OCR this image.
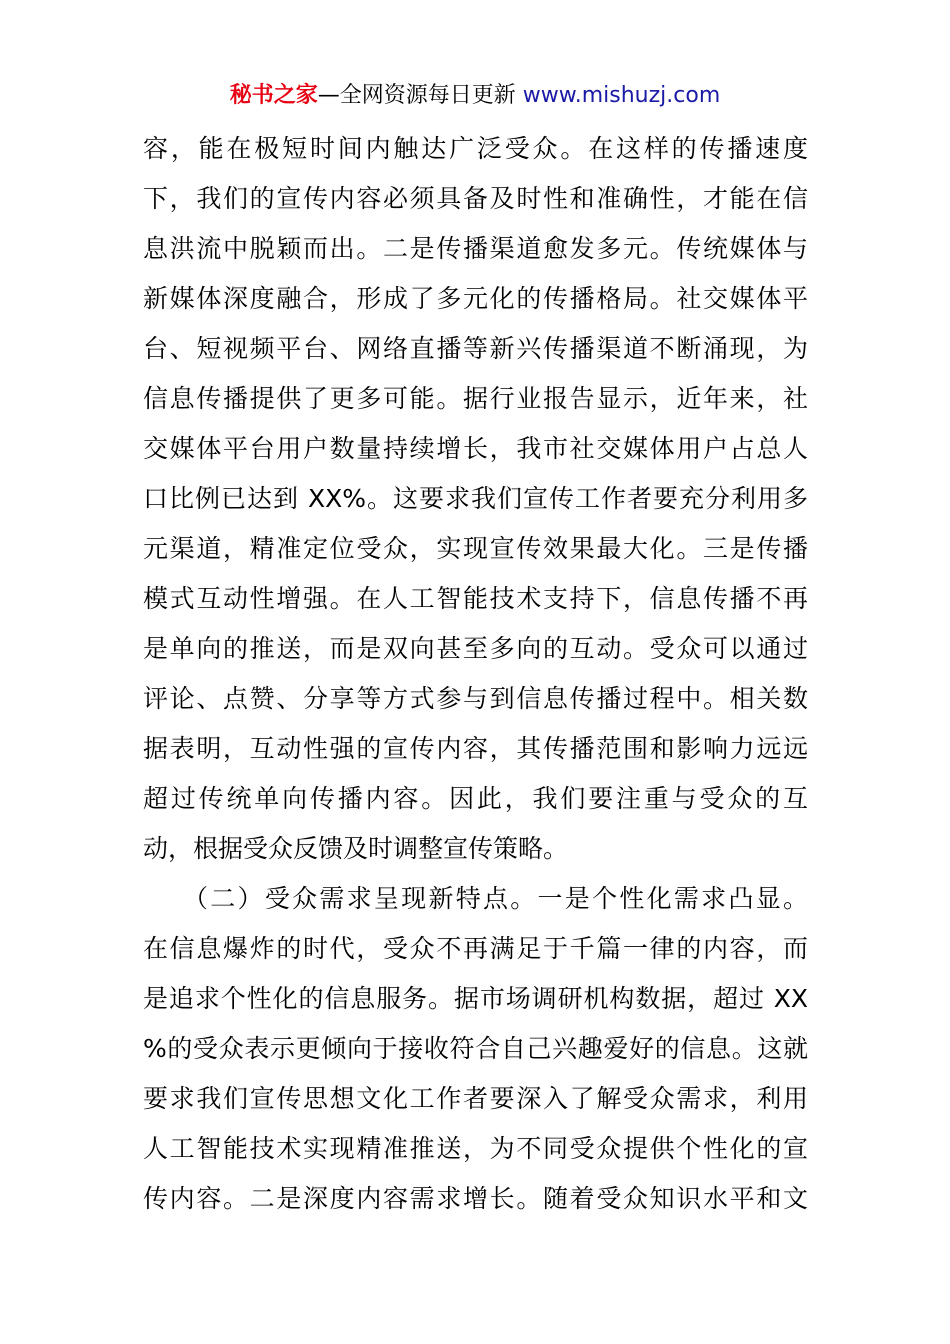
秘书之家—全网资源每日更新 www.mishuzj.com
容，能在极短时间内触达广泛受众。在这样的传播速度
下，我们的宣传内容必须具备及时性和准确性，才能在信
息洪流中脱颖而出。二是传播渠道愈发多元。传统媒体与
新媒体深度融合，形成了多元化的传播格局。社交媒体平
台、短视频平台、网络直播等新兴传播渠道不断涌现，为
信息传播提供了更多可能。据行业报告显示，近年来，社
交媒体平台用户数量持续增长，我市社交媒体用户占总人
口比例已达到 XX%。这要求我们宣传工作者要充分利用多
元渠道，精准定位受众，实现宣传效果最大化。三是传播
模式互动性增强。在人工智能技术支持下，信息传播不再
是单向的推送，而是双向甚至多向的互动。受众可以通过
评论、点赞、分享等方式参与到信息传播过程中。相关数
据表明，互动性强的宣传内容，其传播范围和影响力远远
超过传统单向传播内容。因此，我们要注重与受众的互
动，根据受众反馈及时调整宣传策略。
（二）受众需求呈现新特点。一是个性化需求凸显。
在信息爆炸的时代，受众不再满足于千篇一律的内容，而
是追求个性化的信息服务。据市场调研机构数据，超过 XX
%的受众表示更倾向于接收符合自己兴趣爱好的信息。这就
要求我们宣传思想文化工作者要深入了解受众需求，利用
人工智能技术实现精准推送，为不同受众提供个性化的宣
传内容。二是深度内容需求增长。随着受众知识水平和文
